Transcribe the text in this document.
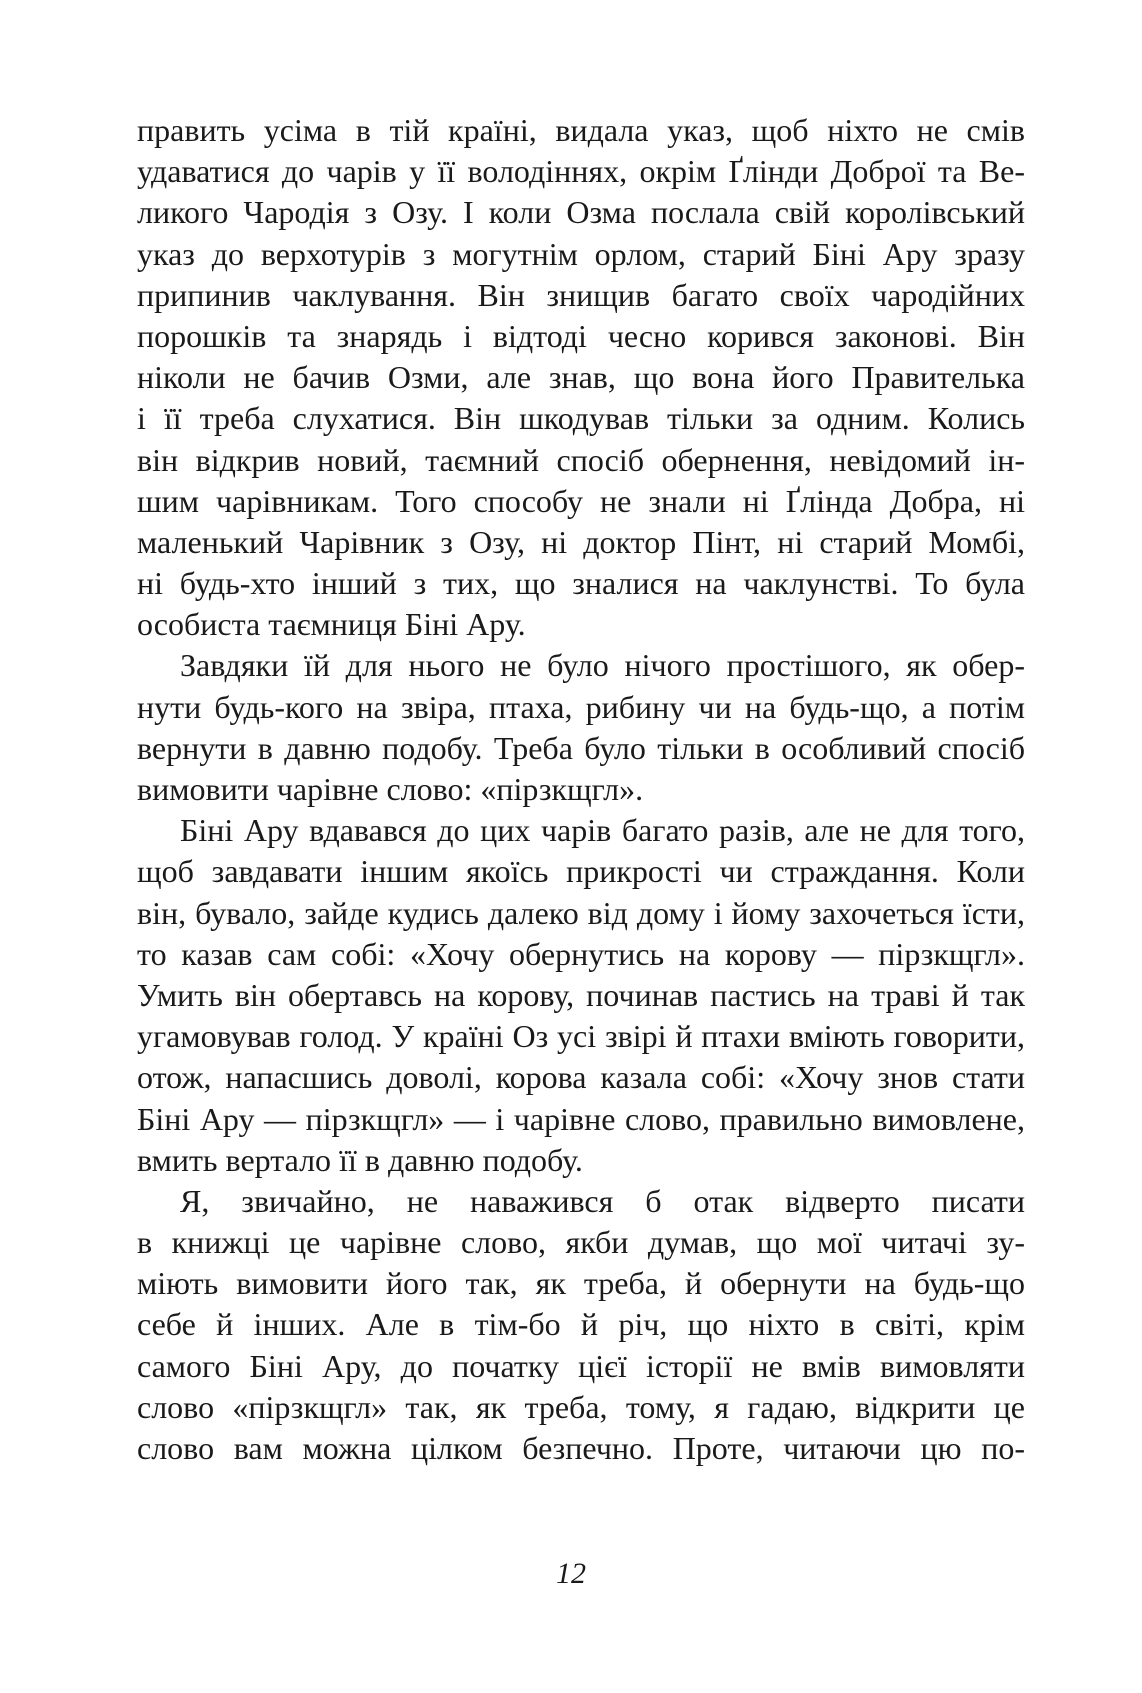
править усіма в тій країні, видала указ, щоб ніхто не смів
удаватися до чарів у її володіннях, окрім Ґлінди Доброї та Ве-
ликого Чародія з Озу. І коли Озма послала свій королівський
указ до верхотурів з могутнім орлом, старий Біні Ару зразу
припинив чаклування. Він знищив багато своїх чародійних
порошків та знарядь і відтоді чесно корився законові. Він
ніколи не бачив Озми, але знав, що вона його Правителька
і її треба слухатися. Він шкодував тільки за одним. Колись
він відкрив новий, таємний спосіб обернення, невідомий ін-
шим чарівникам. Того способу не знали ні Ґлінда Добра, ні
маленький Чарівник з Озу, ні доктор Пінт, ні старий Момбі,
ні будь-хто інший з тих, що зналися на чаклунстві. То була
особиста таємниця Біні Ару.
Завдяки їй для нього не було нічого простішого, як обер-
нути будь-кого на звіра, птаха, рибину чи на будь-що, а потім
вернути в давню подобу. Треба було тільки в особливий спосіб
вимовити чарівне слово: «пірзкщгл».
Біні Ару вдавався до цих чарів багато разів, але не для того,
щоб завдавати іншим якоїсь прикрості чи страждання. Коли
він, бувало, зайде кудись далеко від дому і йому захочеться їсти,
то казав сам собі: «Хочу обернутись на корову — пірзкщгл».
Умить він обертавсь на корову, починав пастись на траві й так
угамовував голод. У країні Оз усі звірі й птахи вміють говорити,
отож, напасшись доволі, корова казала собі: «Хочу знов стати
Біні Ару — пірзкщгл» — і чарівне слово, правильно вимовлене,
вмить вертало її в давню подобу.
Я, звичайно, не наважився б отак відверто писати
в книжці це чарівне слово, якби думав, що мої читачі зу-
міють вимовити його так, як треба, й обернути на будь-що
себе й інших. Але в тім-бо й річ, що ніхто в світі, крім
самого Біні Ару, до початку цієї історії не вмів вимовляти
слово «пірзкщгл» так, як треба, тому, я гадаю, відкрити це
слово вам можна цілком безпечно. Проте, читаючи цю по-
12
